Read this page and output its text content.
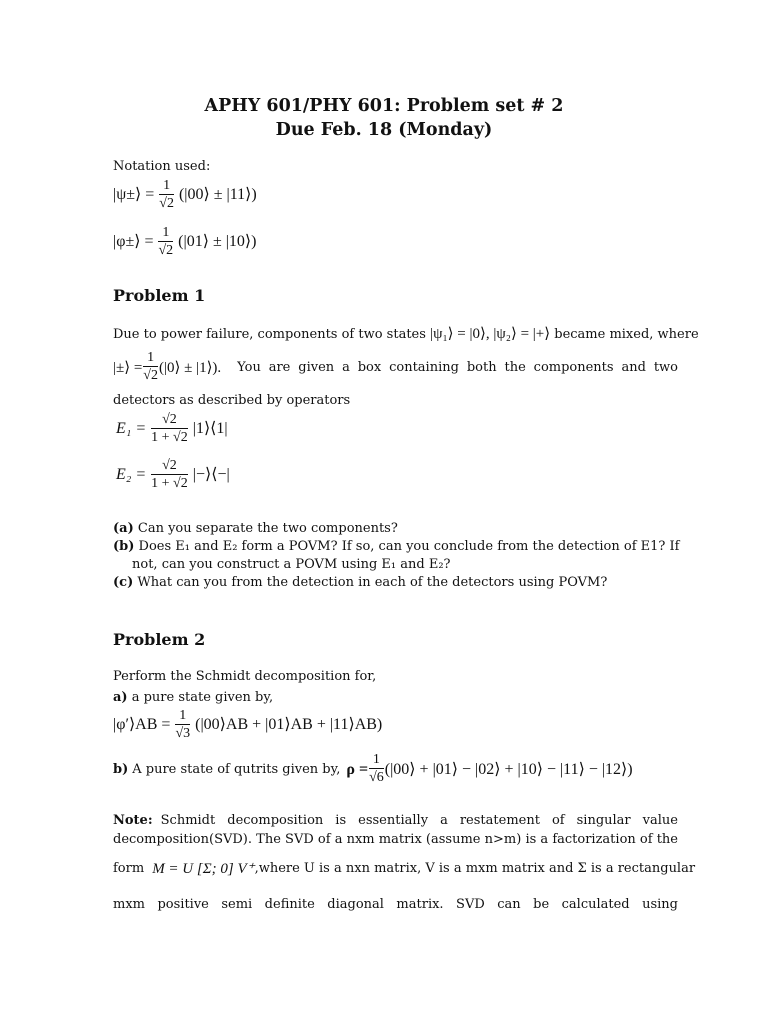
APHY 601/PHY 601: Problem set # 2
Due Feb. 18 (Monday)
Notation used:
|ψ±⟩ = $\frac{1}{√2}$ (|00⟩ ± |11⟩)
|φ±⟩ = $\frac{1}{√2}$ (|01⟩ ± |10⟩)
Problem 1
Due to power failure, components of two states |ψ₁⟩ = |0⟩, |ψ₂⟩ = |+⟩ became mixed, where
|±⟩ = $\frac{1}{√2}$ (|0⟩ ± |1⟩). You are given a box containing both the components and two
detectors as described by operators
$E_1 = \frac{√2}{1 + √2}$ |1⟩⟨1|
$E_2 = \frac{√2}{1 + √2}$ |−⟩⟨−|
(a) Can you separate the two components?
(b) Does E₁ and E₂ form a POVM? If so, can you conclude from the detection of E1? If
not, can you construct a POVM using E₁ and E₂?
(c) What can you from the detection in each of the detectors using POVM?
Problem 2
Perform the Schmidt decomposition for,
a) a pure state given by,
|φ′⟩AB = $\frac{1}{√3}$ (|00⟩AB + |01⟩AB + |11⟩AB)
b) A pure state of qutrits given by, $\rho = \frac{1}{√6}$ (|00⟩ + |01⟩ − |02⟩ + |10⟩ − |11⟩ − |12⟩)
Note: Schmidt decomposition is essentially a restatement of singular value
decomposition(SVD). The SVD of a nxm matrix (assume n>m) is a factorization of the
form M = U [Σ; 0] V⁺ ,where U is a nxn matrix, V is a mxm matrix and Σ is a rectangular
mxm positive semi definite diagonal matrix. SVD can be calculated using
